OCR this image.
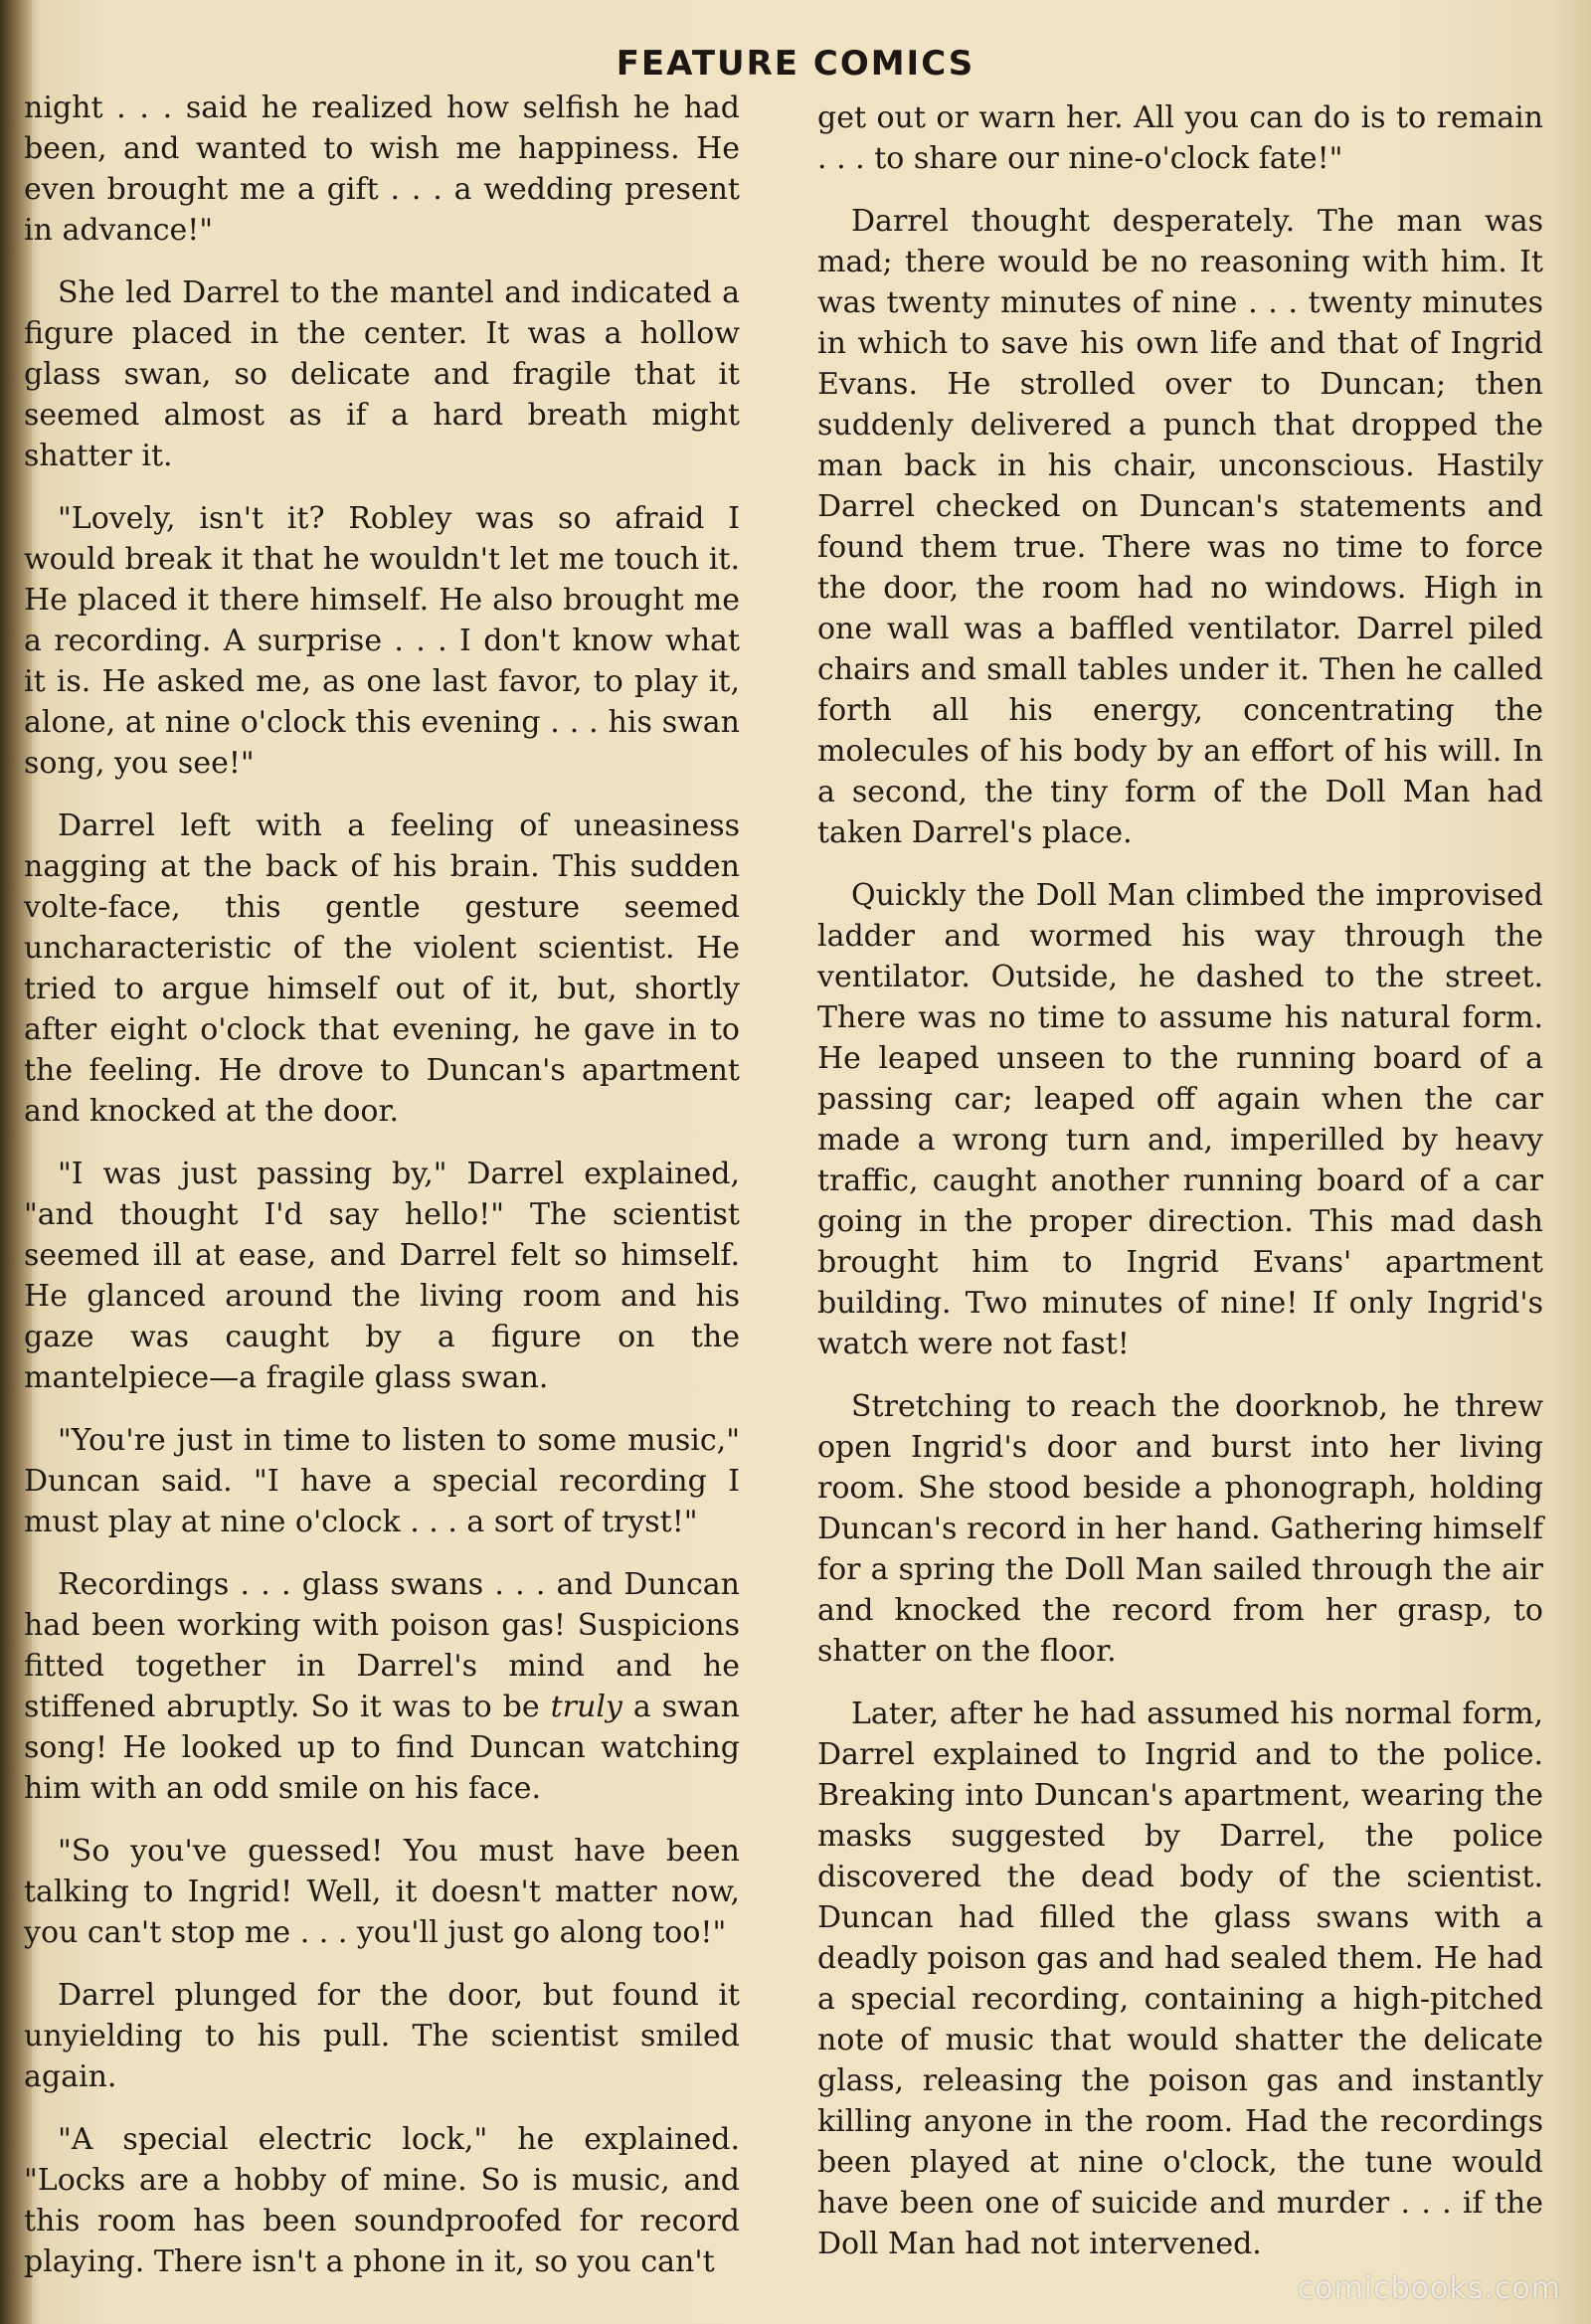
FEATURE COMICS

night . . . said he realized how selfish he had been, and wanted to wish me happiness. He even brought me a gift . . . a wedding present in advance!"

She led Darrel to the mantel and indicated a figure placed in the center. It was a hollow glass swan, so delicate and fragile that it seemed almost as if a hard breath might shatter it.

"Lovely, isn't it? Robley was so afraid I would break it that he wouldn't let me touch it. He placed it there himself. He also brought me a recording. A surprise . . . I don't know what it is. He asked me, as one last favor, to play it, alone, at nine o'clock this evening . . . his swan song, you see!"

Darrel left with a feeling of uneasiness nagging at the back of his brain. This sudden volte-face, this gentle gesture seemed uncharacteristic of the violent scientist. He tried to argue himself out of it, but, shortly after eight o'clock that evening, he gave in to the feeling. He drove to Duncan's apartment and knocked at the door.

"I was just passing by," Darrel explained, "and thought I'd say hello!" The scientist seemed ill at ease, and Darrel felt so himself. He glanced around the living room and his gaze was caught by a figure on the mantelpiece—a fragile glass swan.

"You're just in time to listen to some music," Duncan said. "I have a special recording I must play at nine o'clock . . . a sort of tryst!"

Recordings . . . glass swans . . . and Duncan had been working with poison gas! Suspicions fitted together in Darrel's mind and he stiffened abruptly. So it was to be truly a swan song! He looked up to find Duncan watching him with an odd smile on his face.

"So you've guessed! You must have been talking to Ingrid! Well, it doesn't matter now, you can't stop me . . . you'll just go along too!"

Darrel plunged for the door, but found it unyielding to his pull. The scientist smiled again.

"A special electric lock," he explained. "Locks are a hobby of mine. So is music, and this room has been soundproofed for record playing. There isn't a phone in it, so you can't

get out or warn her. All you can do is to remain . . . to share our nine-o'clock fate!"

Darrel thought desperately. The man was mad; there would be no reasoning with him. It was twenty minutes of nine . . . twenty minutes in which to save his own life and that of Ingrid Evans. He strolled over to Duncan; then suddenly delivered a punch that dropped the man back in his chair, unconscious. Hastily Darrel checked on Duncan's statements and found them true. There was no time to force the door, the room had no windows. High in one wall was a baffled ventilator. Darrel piled chairs and small tables under it. Then he called forth all his energy, concentrating the molecules of his body by an effort of his will. In a second, the tiny form of the Doll Man had taken Darrel's place.

Quickly the Doll Man climbed the improvised ladder and wormed his way through the ventilator. Outside, he dashed to the street. There was no time to assume his natural form. He leaped unseen to the running board of a passing car; leaped off again when the car made a wrong turn and, imperilled by heavy traffic, caught another running board of a car going in the proper direction. This mad dash brought him to Ingrid Evans' apartment building. Two minutes of nine! If only Ingrid's watch were not fast!

Stretching to reach the doorknob, he threw open Ingrid's door and burst into her living room. She stood beside a phonograph, holding Duncan's record in her hand. Gathering himself for a spring the Doll Man sailed through the air and knocked the record from her grasp, to shatter on the floor.

Later, after he had assumed his normal form, Darrel explained to Ingrid and to the police. Breaking into Duncan's apartment, wearing the masks suggested by Darrel, the police discovered the dead body of the scientist. Duncan had filled the glass swans with a deadly poison gas and had sealed them. He had a special recording, containing a high-pitched note of music that would shatter the delicate glass, releasing the poison gas and instantly killing anyone in the room. Had the recordings been played at nine o'clock, the tune would have been one of suicide and murder . . . if the Doll Man had not intervened.

comicbooks.com
